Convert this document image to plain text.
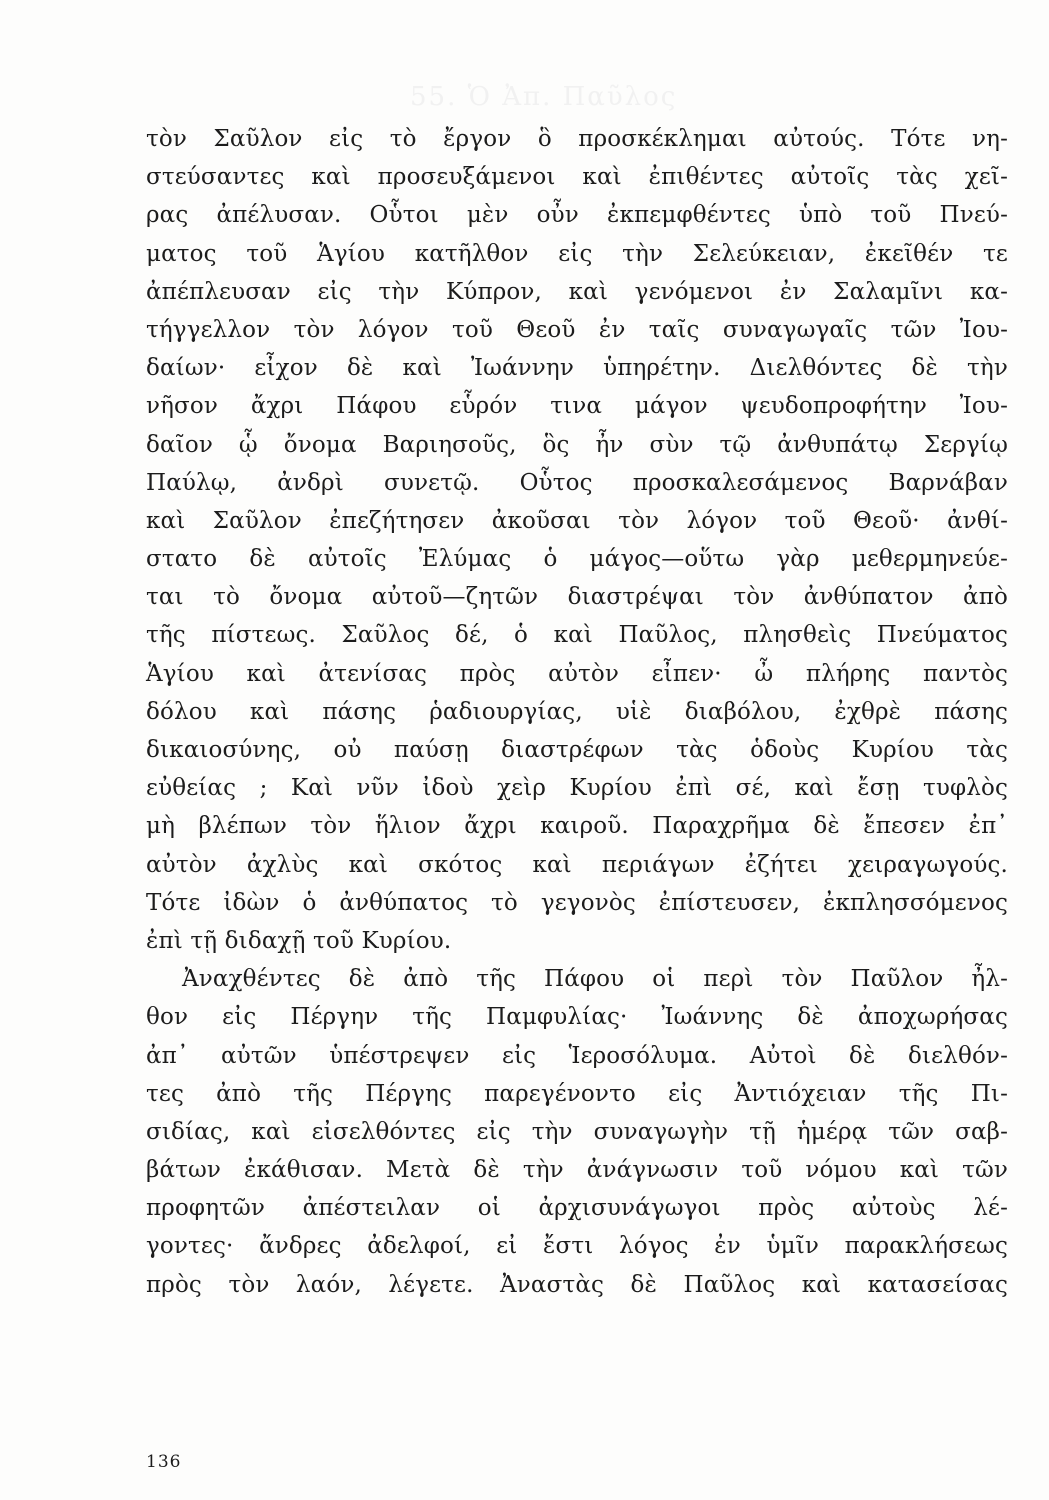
55. Ὁ Ἀπ. Παῦλος
τὸν Σαῦλον εἰς τὸ ἔργον ὃ προσκέκλημαι αὐτούς. Τότε νη-
στεύσαντες καὶ προσευξάμενοι καὶ ἐπιθέντες αὐτοῖς τὰς χεῖ-
ρας ἀπέλυσαν. Οὗτοι μὲν οὖν ἐκπεμφθέντες ὑπὸ τοῦ Πνεύ-
ματος τοῦ Ἁγίου κατῆλθον εἰς τὴν Σελεύκειαν, ἐκεῖθέν τε
ἀπέπλευσαν εἰς τὴν Κύπρον, καὶ γενόμενοι ἐν Σαλαμῖνι κα-
τήγγελλον τὸν λόγον τοῦ Θεοῦ ἐν ταῖς συναγωγαῖς τῶν Ἰου-
δαίων· εἶχον δὲ καὶ Ἰωάννην ὑπηρέτην. Διελθόντες δὲ τὴν
νῆσον ἄχρι Πάφου εὗρόν τινα μάγον ψευδοπροφήτην Ἰου-
δαῖον ᾧ ὄνομα Βαριησοῦς, ὃς ἦν σὺν τῷ ἀνθυπάτῳ Σεργίῳ
Παύλῳ, ἀνδρὶ συνετῷ. Οὗτος προσκαλεσάμενος Βαρνάβαν
καὶ Σαῦλον ἐπεζήτησεν ἀκοῦσαι τὸν λόγον τοῦ Θεοῦ· ἀνθί-
στατο δὲ αὐτοῖς Ἐλύμας ὁ μάγος—οὕτω γὰρ μεθερμηνεύε-
ται τὸ ὄνομα αὐτοῦ—ζητῶν διαστρέψαι τὸν ἀνθύπατον ἀπὸ
τῆς πίστεως. Σαῦλος δέ, ὁ καὶ Παῦλος, πλησθεὶς Πνεύματος
Ἁγίου καὶ ἀτενίσας πρὸς αὐτὸν εἶπεν· ὦ πλήρης παντὸς
δόλου καὶ πάσης ῥαδιουργίας, υἱὲ διαβόλου, ἐχθρὲ πάσης
δικαιοσύνης, οὐ παύσῃ διαστρέφων τὰς ὁδοὺς Κυρίου τὰς
εὐθείας ; Καὶ νῦν ἰδοὺ χεὶρ Κυρίου ἐπὶ σέ, καὶ ἔσῃ τυφλὸς
μὴ βλέπων τὸν ἥλιον ἄχρι καιροῦ. Παραχρῆμα δὲ ἔπεσεν ἐπ᾿
αὐτὸν ἀχλὺς καὶ σκότος καὶ περιάγων ἐζήτει χειραγωγούς.
Τότε ἰδὼν ὁ ἀνθύπατος τὸ γεγονὸς ἐπίστευσεν, ἐκπλησσόμενος
ἐπὶ τῇ διδαχῇ τοῦ Κυρίου.
Ἀναχθέντες δὲ ἀπὸ τῆς Πάφου οἱ περὶ τὸν Παῦλον ἦλ-
θον εἰς Πέργην τῆς Παμφυλίας· Ἰωάννης δὲ ἀποχωρήσας
ἀπ᾿ αὐτῶν ὑπέστρεψεν εἰς Ἱεροσόλυμα. Αὐτοὶ δὲ διελθόν-
τες ἀπὸ τῆς Πέργης παρεγένοντο εἰς Ἀντιόχειαν τῆς Πι-
σιδίας, καὶ εἰσελθόντες εἰς τὴν συναγωγὴν τῇ ἡμέρᾳ τῶν σαβ-
βάτων ἐκάθισαν. Μετὰ δὲ τὴν ἀνάγνωσιν τοῦ νόμου καὶ τῶν
προφητῶν ἀπέστειλαν οἱ ἀρχισυνάγωγοι πρὸς αὐτοὺς λέ-
γοντες· ἄνδρες ἀδελφοί, εἰ ἔστι λόγος ἐν ὑμῖν παρακλήσεως
πρὸς τὸν λαόν, λέγετε. Ἀναστὰς δὲ Παῦλος καὶ κατασείσας
136
